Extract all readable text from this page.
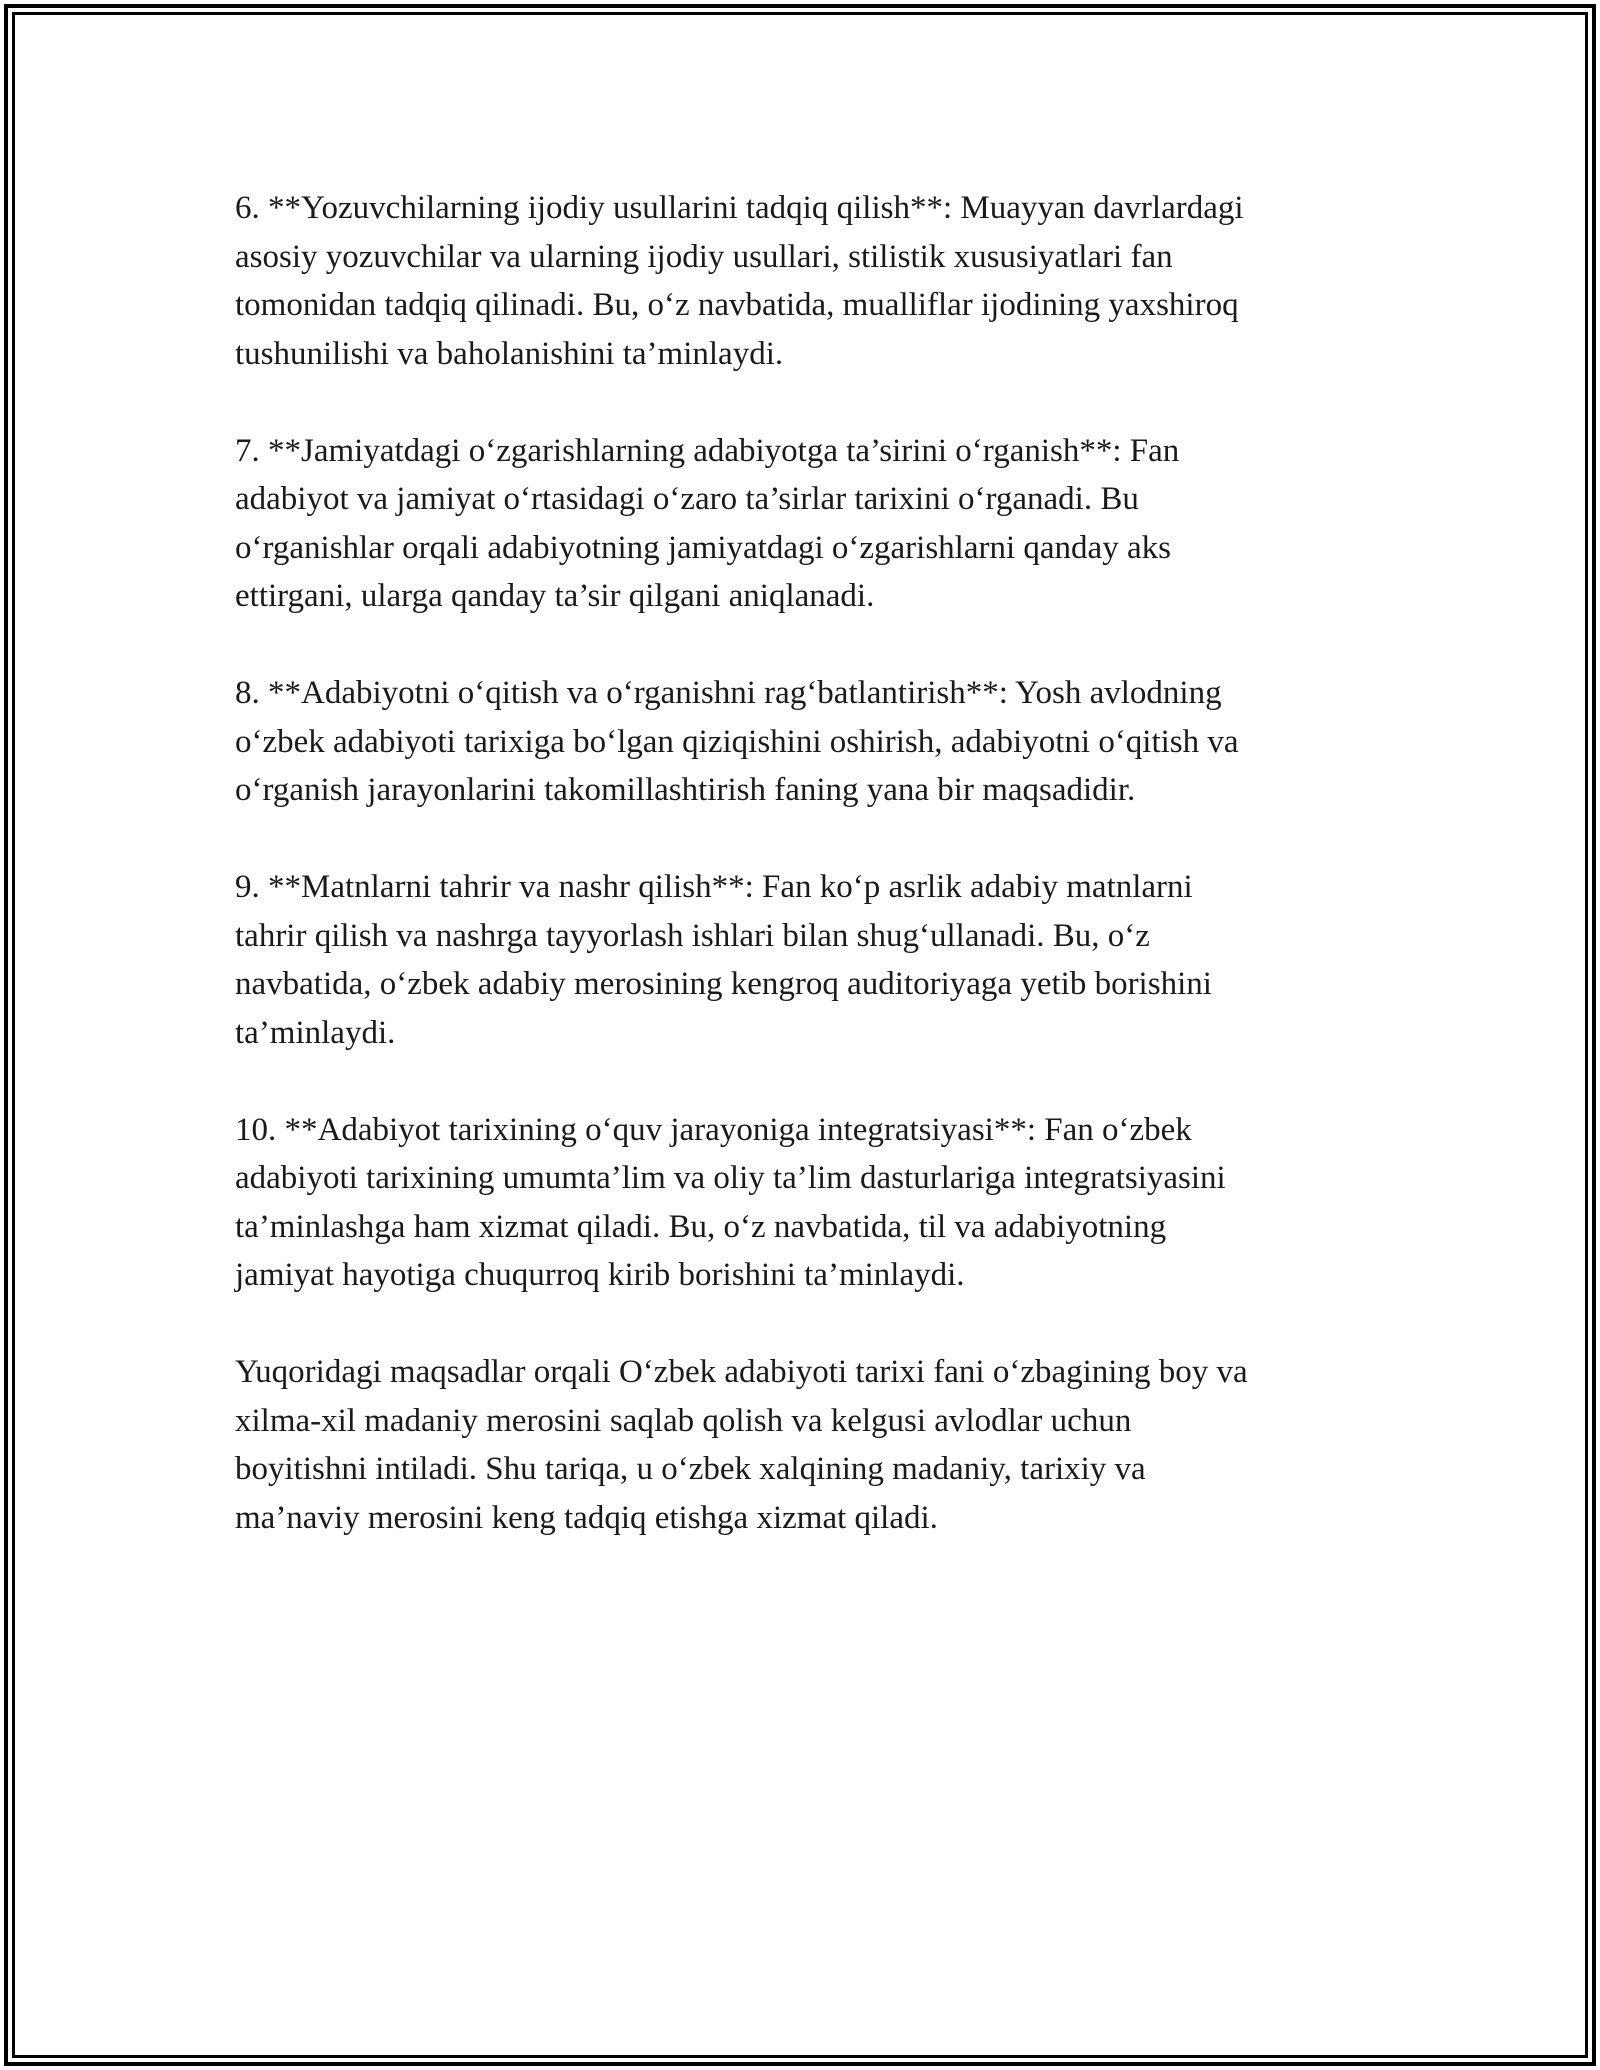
6. **Yozuvchilarning ijodiy usullarini tadqiq qilish**: Muayyan davrlardagi
asosiy yozuvchilar va ularning ijodiy usullari, stilistik xususiyatlari fan
tomonidan tadqiq qilinadi. Bu, o‘z navbatida, mualliflar ijodining yaxshiroq
tushunilishi va baholanishini ta’minlaydi.

7. **Jamiyatdagi o‘zgarishlarning adabiyotga ta’sirini o‘rganish**: Fan
adabiyot va jamiyat o‘rtasidagi o‘zaro ta’sirlar tarixini o‘rganadi. Bu
o‘rganishlar orqali adabiyotning jamiyatdagi o‘zgarishlarni qanday aks
ettirgani, ularga qanday ta’sir qilgani aniqlanadi.

8. **Adabiyotni o‘qitish va o‘rganishni rag‘batlantirish**: Yosh avlodning
o‘zbek adabiyoti tarixiga bo‘lgan qiziqishini oshirish, adabiyotni o‘qitish va
o‘rganish jarayonlarini takomillashtirish faning yana bir maqsadidir.

9. **Matnlarni tahrir va nashr qilish**: Fan ko‘p asrlik adabiy matnlarni
tahrir qilish va nashrga tayyorlash ishlari bilan shug‘ullanadi. Bu, o‘z
navbatida, o‘zbek adabiy merosining kengroq auditoriyaga yetib borishini
ta’minlaydi.

10. **Adabiyot tarixining o‘quv jarayoniga integratsiyasi**: Fan o‘zbek
adabiyoti tarixining umumta’lim va oliy ta’lim dasturlariga integratsiyasini
ta’minlashga ham xizmat qiladi. Bu, o‘z navbatida, til va adabiyotning
jamiyat hayotiga chuqurroq kirib borishini ta’minlaydi.

Yuqoridagi maqsadlar orqali O‘zbek adabiyoti tarixi fani o‘zbagining boy va
xilma-xil madaniy merosini saqlab qolish va kelgusi avlodlar uchun
boyitishni intiladi. Shu tariqa, u o‘zbek xalqining madaniy, tarixiy va
ma’naviy merosini keng tadqiq etishga xizmat qiladi.
